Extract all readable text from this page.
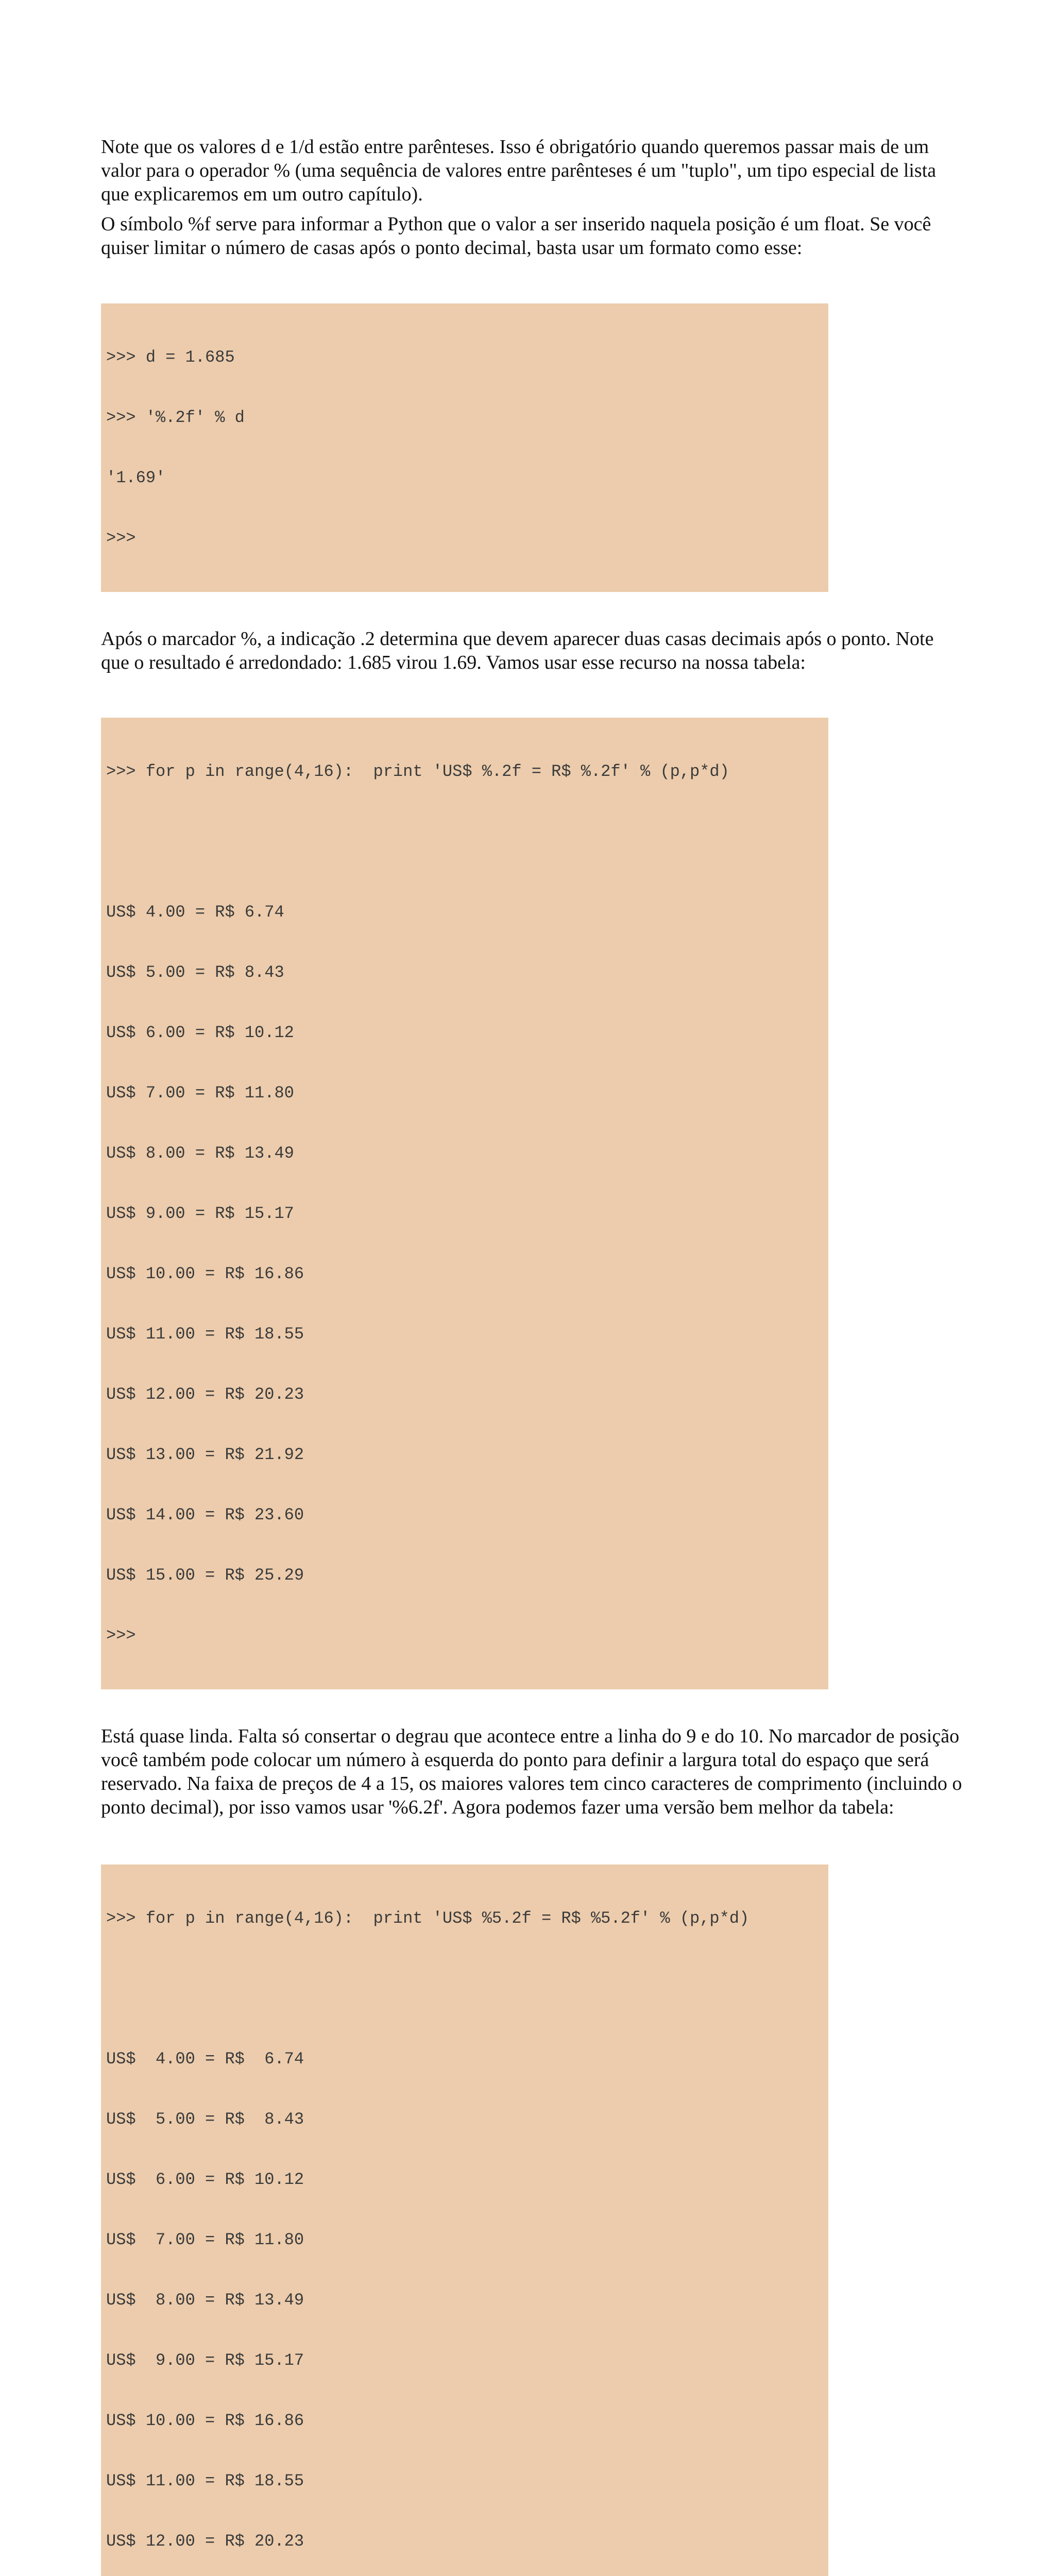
Note que os valores d e 1/d estão entre parênteses. Isso é obrigatório quando queremos passar mais de um valor para o operador % (uma sequência de valores entre parênteses é um "tuplo", um tipo especial de lista que explicaremos em um outro capítulo).

O símbolo %f serve para informar a Python que o valor a ser inserido naquela posição é um float. Se você quiser limitar o número de casas após o ponto decimal, basta usar um formato como esse:

>>> d = 1.685

>>> '%.2f' % d

'1.69'

>>>

Após o marcador %, a indicação .2 determina que devem aparecer duas casas decimais após o ponto. Note que o resultado é arredondado: 1.685 virou 1.69. Vamos usar esse recurso na nossa tabela:

>>> for p in range(4,16):  print 'US$ %.2f = R$ %.2f' % (p,p*d)

US$ 4.00 = R$ 6.74

US$ 5.00 = R$ 8.43

US$ 6.00 = R$ 10.12

US$ 7.00 = R$ 11.80

US$ 8.00 = R$ 13.49

US$ 9.00 = R$ 15.17

US$ 10.00 = R$ 16.86

US$ 11.00 = R$ 18.55

US$ 12.00 = R$ 20.23

US$ 13.00 = R$ 21.92

US$ 14.00 = R$ 23.60

US$ 15.00 = R$ 25.29

>>>

Está quase linda. Falta só consertar o degrau que acontece entre a linha do 9 e do 10. No marcador de posição você também pode colocar um número à esquerda do ponto para definir a largura total do espaço que será reservado. Na faixa de preços de 4 a 15, os maiores valores tem cinco caracteres de comprimento (incluindo o ponto decimal), por isso vamos usar '%6.2f'. Agora podemos fazer uma versão bem melhor da tabela:

>>> for p in range(4,16):  print 'US$ %5.2f = R$ %5.2f' % (p,p*d)

US$  4.00 = R$  6.74

US$  5.00 = R$  8.43

US$  6.00 = R$ 10.12

US$  7.00 = R$ 11.80

US$  8.00 = R$ 13.49

US$  9.00 = R$ 15.17

US$ 10.00 = R$ 16.86

US$ 11.00 = R$ 18.55

US$ 12.00 = R$ 20.23
